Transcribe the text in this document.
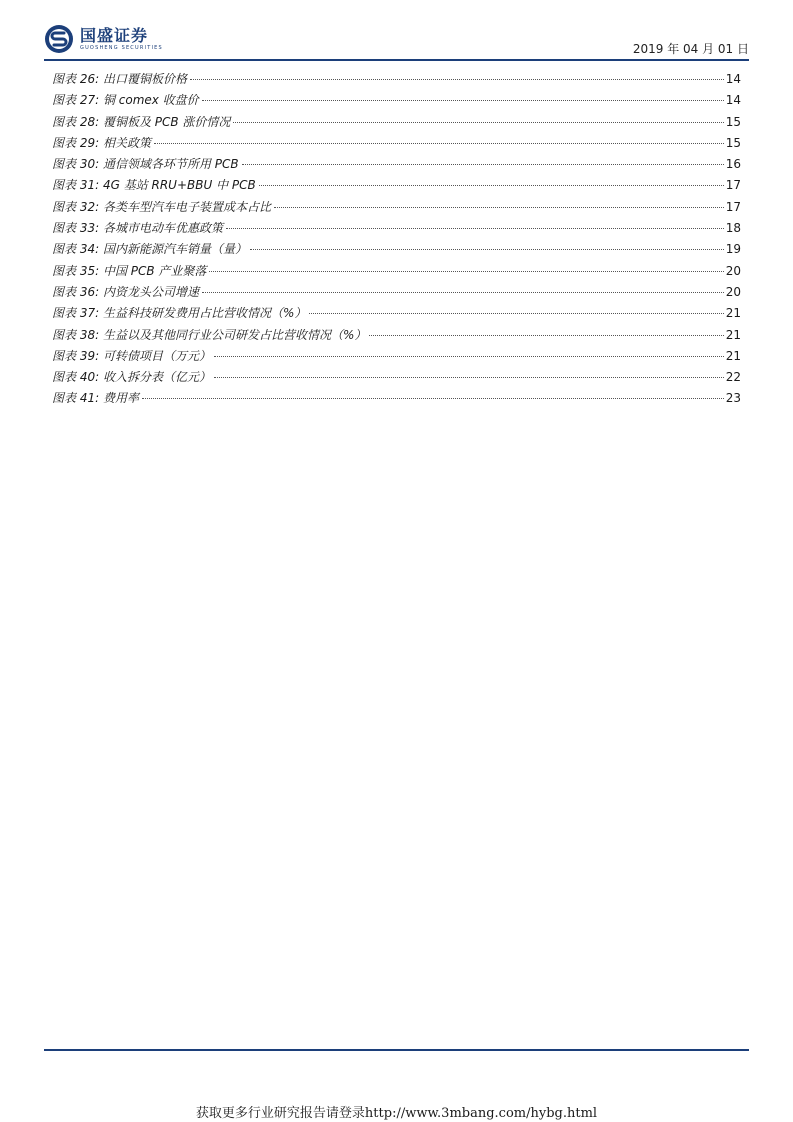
国盛证券
GUOSHENG SECURITIES	2019 年 04 月 01 日
图表 26: 出口覆铜板价格	14
图表 27: 铜 comex 收盘价	14
图表 28: 覆铜板及 PCB 涨价情况	15
图表 29: 相关政策	15
图表 30: 通信领域各环节所用 PCB	16
图表 31: 4G 基站 RRU+BBU 中 PCB	17
图表 32: 各类车型汽车电子装置成本占比	17
图表 33: 各城市电动车优惠政策	18
图表 34: 国内新能源汽车销量（量）	19
图表 35: 中国 PCB 产业聚落	20
图表 36: 内资龙头公司增速	20
图表 37: 生益科技研发费用占比营收情况（%）	21
图表 38: 生益以及其他同行业公司研发占比营收情况（%）	21
图表 39: 可转债项目（万元）	21
图表 40: 收入拆分表（亿元）	22
图表 41: 费用率	23
获取更多行业研究报告请登录http://www.3mbang.com/hybg.html
